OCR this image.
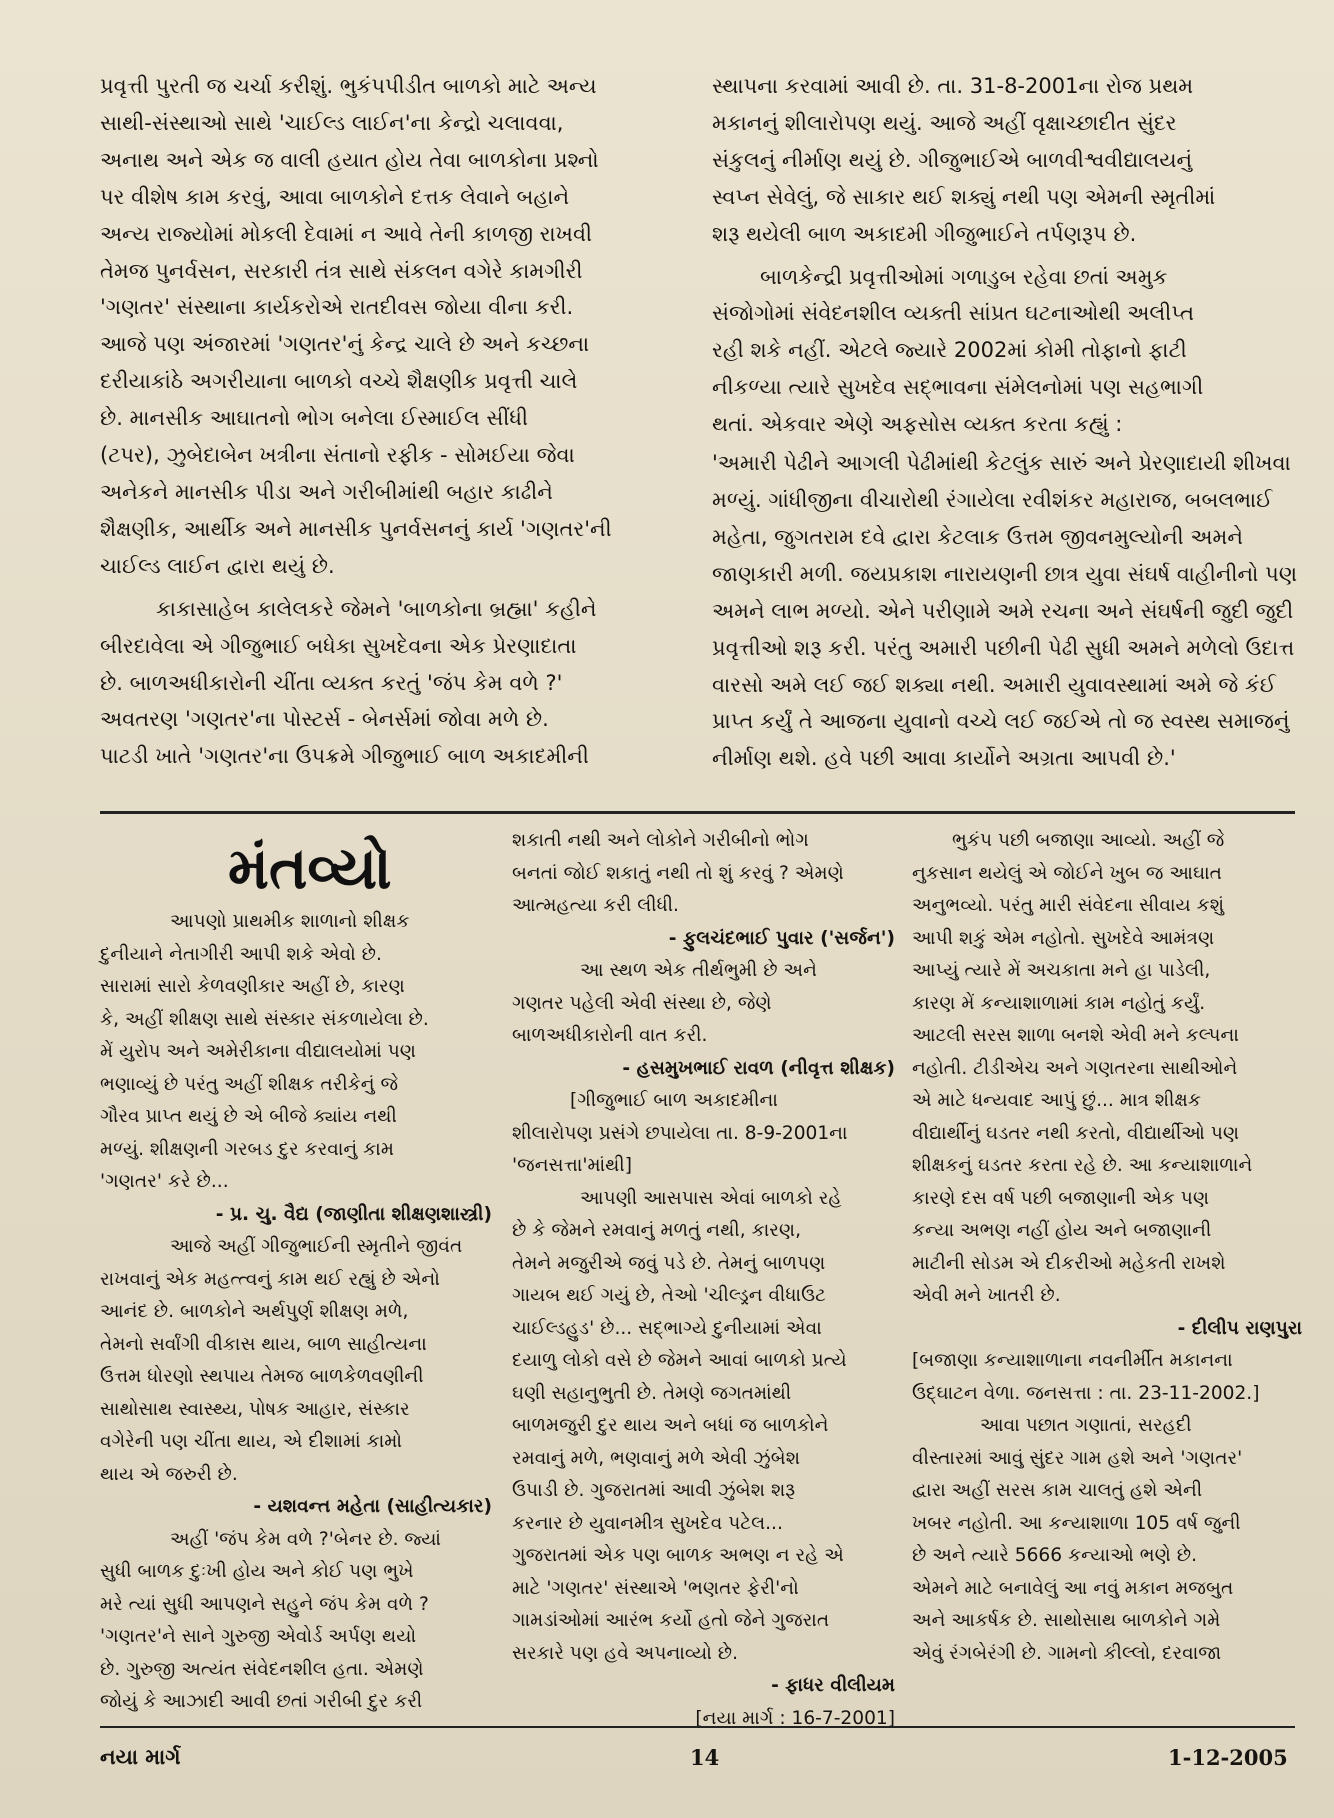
પ્રવૃત્તી પુરતી જ ચર્ચા કરીશું. ભુકંપપીડીત બાળકો માટે અન્ય
સાથી-સંસ્થાઓ સાથે 'ચાઈલ્ડ લાઈન'ના કેન્દ્રો ચલાવવા,
અનાથ અને એક જ વાલી હયાત હોય તેવા બાળકોના પ્રશ્નો
પર વીશેષ કામ કરવું, આવા બાળકોને દત્તક લેવાને બહાને
અન્ય રાજ્યોમાં મોકલી દેવામાં ન આવે તેની કાળજી રાખવી
તેમજ પુનર્વસન, સરકારી તંત્ર સાથે સંકલન વગેરે કામગીરી
'ગણતર' સંસ્થાના કાર્યકરોએ રાતદીવસ જોયા વીના કરી.
આજે પણ અંજારમાં 'ગણતર'નું કેન્દ્ર ચાલે છે અને કચ્છના
દરીયાકાંઠે અગરીયાના બાળકો વચ્ચે શૈક્ષણીક પ્રવૃત્તી ચાલે
છે. માનસીક આઘાતનો ભોગ બનેલા ઈસ્માઈલ સીંધી
(ટપર), ઝુબેદાબેન ખત્રીના સંતાનો રફીક - સોમઈયા જેવા
અનેકને માનસીક પીડા અને ગરીબીમાંથી બહાર કાઢીને
શૈક્ષણીક, આર્થીક અને માનસીક પુનર્વસનનું કાર્ય 'ગણતર'ની
ચાઈલ્ડ લાઈન દ્વારા થયું છે.

કાકાસાહેબ કાલેલકરે જેમને 'બાળકોના બ્રહ્મા' કહીને
બીરદાવેલા એ ગીજુભાઈ બધેકા સુખદેવના એક પ્રેરણાદાતા
છે. બાળઅધીકારોની ચીંતા વ્યક્ત કરતું 'જંપ કેમ વળે ?'
અવતરણ 'ગણતર'ના પોસ્ટર્સ - બેનર્સમાં જોવા મળે છે.
પાટડી ખાતે 'ગણતર'ના ઉપક્રમે ગીજુભાઈ બાળ અકાદમીની

સ્થાપના કરવામાં આવી છે. તા. 31-8-2001ના રોજ પ્રથમ
મકાનનું શીલારોપણ થયું. આજે અહીં વૃક્ષાચ્છાદીત સુંદર
સંકુલનું નીર્માણ થયું છે. ગીજુભાઈએ બાળવીશ્વવીદ્યાલયનું
સ્વપ્ન સેવેલું, જે સાકાર થઈ શક્યું નથી પણ એમની સ્મૃતીમાં
શરૂ થયેલી બાળ અકાદમી ગીજુભાઈને તર્પણરૂપ છે.

બાળકેન્દ્રી પ્રવૃત્તીઓમાં ગળાડુબ રહેવા છતાં અમુક
સંજોગોમાં સંવેદનશીલ વ્યક્તી સાંપ્રત ઘટનાઓથી અલીપ્ત
રહી શકે નહીં. એટલે જ્યારે 2002માં કોમી તોફાનો ફાટી
નીકળ્યા ત્યારે સુખદેવ સદ્‌ભાવના સંમેલનોમાં પણ સહભાગી
થતાં. એકવાર એણે અફસોસ વ્યક્ત કરતા કહ્યું :

'અમારી પેઢીને આગલી પેઢીમાંથી કેટલુંક સારું અને પ્રેરણાદાયી શીખવા
મળ્યું. ગાંધીજીના વીચારોથી રંગાયેલા રવીશંકર મહારાજ, બબલભાઈ
મહેતા, જુગતરામ દવે દ્વારા કેટલાક ઉત્તમ જીવનમુલ્યોની અમને
જાણકારી મળી. જયપ્રકાશ નારાયણની છાત્ર યુવા સંઘર્ષ વાહીનીનો પણ
અમને લાભ મળ્યો. એને પરીણામે અમે રચના અને સંઘર્ષની જુદી જુદી
પ્રવૃત્તીઓ શરૂ કરી. પરંતુ અમારી પછીની પેઢી સુધી અમને મળેલો ઉદાત્ત
વારસો અમે લઈ જઈ શક્યા નથી. અમારી યુવાવસ્થામાં અમે જે કંઈ
પ્રાપ્ત કર્યું તે આજના યુવાનો વચ્ચે લઈ જઈએ તો જ સ્વસ્થ સમાજનું
નીર્માણ થશે. હવે પછી આવા કાર્યોને અગ્રતા આપવી છે.'

મંતવ્યો

આપણો પ્રાથમીક શાળાનો શીક્ષક
દુનીયાને નેતાગીરી આપી શકે એવો છે.
સારામાં સારો કેળવણીકાર અહીં છે, કારણ
કે, અહીં શીક્ષણ સાથે સંસ્કાર સંકળાયેલા છે.
મેં યુરોપ અને અમેરીકાના વીદ્યાલયોમાં પણ
ભણાવ્યું છે પરંતુ અહીં શીક્ષક તરીકેનું જે
ગૌરવ પ્રાપ્ત થયું છે એ બીજે ક્યાંય નથી
મળ્યું. શીક્ષણની ગરબડ દુર કરવાનું કામ
'ગણતર' કરે છે...

- પ્ર. ચુ. વૈદ્ય (જાણીતા શીક્ષણશાસ્ત્રી)

આજે અહીં ગીજુભાઈની સ્મૃતીને જીવંત
રાખવાનું એક મહત્ત્વનું કામ થઈ રહ્યું છે એનો
આનંદ છે. બાળકોને અર્થપુર્ણ શીક્ષણ મળે,
તેમનો સર્વાંગી વીકાસ થાય, બાળ સાહીત્યના
ઉત્તમ ધોરણો સ્થપાય તેમજ બાળકેળવણીની
સાથોસાથ સ્વાસ્થ્ય, પોષક આહાર, સંસ્કાર
વગેરેની પણ ચીંતા થાય, એ દીશામાં કામો
થાય એ જરુરી છે.

- યશવન્ત મહેતા (સાહીત્યકાર)

અહીં 'જંપ કેમ વળે ?'બેનર છે. જ્યાં
સુધી બાળક દુઃખી હોય અને કોઈ પણ ભુખે
મરે ત્યાં સુધી આપણને સહુને જંપ કેમ વળે ?
'ગણતર'ને સાને ગુરુજી એવોર્ડ અર્પણ થયો
છે. ગુરુજી અત્યંત સંવેદનશીલ હતા. એમણે
જોયું કે આઝાદી આવી છતાં ગરીબી દુર કરી

શકાતી નથી અને લોકોને ગરીબીનો ભોગ
બનતાં જોઈ શકાતું નથી તો શું કરવું ? એમણે
આત્મહત્યા કરી લીધી.

- ફુલચંદભાઈ પુવાર ('સર્જન')

આ સ્થળ એક તીર્થભુમી છે અને
ગણતર પહેલી એવી સંસ્થા છે, જેણે
બાળઅધીકારોની વાત કરી.

- હસમુખભાઈ રાવળ (નીવૃત્ત શીક્ષક)

[ગીજુભાઈ બાળ અકાદમીના
શીલારોપણ પ્રસંગે છપાયેલા તા. 8-9-2001ના
'જનસત્તા'માંથી]

આપણી આસપાસ એવાં બાળકો રહે
છે કે જેમને રમવાનું મળતું નથી, કારણ,
તેમને મજુરીએ જવું પડે છે. તેમનું બાળપણ
ગાયબ થઈ ગયું છે, તેઓ 'ચીલ્ડ્રન વીધાઉટ
ચાઈલ્ડહુડ' છે... સદ્‌ભાગ્યે દુનીયામાં એવા
દયાળુ લોકો વસે છે જેમને આવાં બાળકો પ્રત્યે
ઘણી સહાનુભુતી છે. તેમણે જગતમાંથી
બાળમજુરી દુર થાય અને બધાં જ બાળકોને
રમવાનું મળે, ભણવાનું મળે એવી ઝુંબેશ
ઉપાડી છે. ગુજરાતમાં આવી ઝુંબેશ શરૂ
કરનાર છે યુવાનમીત્ર સુખદેવ પટેલ...
ગુજરાતમાં એક પણ બાળક અભણ ન રહે એ
માટે 'ગણતર' સંસ્થાએ 'ભણતર ફેરી'નો
ગામડાંઓમાં આરંભ કર્યો હતો જેને ગુજરાત
સરકારે પણ હવે અપનાવ્યો છે.

- ફાધર વીલીયમ

[નયા માર્ગ : 16-7-2001]

ભુકંપ પછી બજાણા આવ્યો. અહીં જે
નુકસાન થયેલું એ જોઈને ખુબ જ આઘાત
અનુભવ્યો. પરંતુ મારી સંવેદના સીવાય કશું
આપી શકું એમ નહોતો. સુખદેવે આમંત્રણ
આપ્યું ત્યારે મેં અચકાતા મને હા પાડેલી,
કારણ મેં કન્યાશાળામાં કામ નહોતું કર્યું.
આટલી સરસ શાળા બનશે એવી મને કલ્પના
નહોતી. ટીડીએચ અને ગણતરના સાથીઓને
એ માટે ધન્યવાદ આપું છું... માત્ર શીક્ષક
વીદ્યાર્થીનું ઘડતર નથી કરતો, વીદ્યાર્થીઓ પણ
શીક્ષકનું ઘડતર કરતા રહે છે. આ કન્યાશાળાને
કારણે દસ વર્ષ પછી બજાણાની એક પણ
કન્યા અભણ નહીં હોય અને બજાણાની
માટીની સોડમ એ દીકરીઓ મહેકતી રાખશે
એવી મને ખાતરી છે.

- દીલીપ રાણપુરા

[બજાણા કન્યાશાળાના નવનીર્મીત મકાનના
ઉદ્ઘાટન વેળા. જનસત્તા : તા. 23-11-2002.]

આવા પછાત ગણાતાં, સરહદી
વીસ્તારમાં આવું સુંદર ગામ હશે અને 'ગણતર'
દ્વારા અહીં સરસ કામ ચાલતું હશે એની
ખબર નહોતી. આ કન્યાશાળા 105 વર્ષ જુની
છે અને ત્યારે 5666 કન્યાઓ ભણે છે.
એમને માટે બનાવેલું આ નવું મકાન મજબુત
અને આકર્ષક છે. સાથોસાથ બાળકોને ગમે
એવું રંગબેરંગી છે. ગામનો કીલ્લો, દરવાજા

નયા માર્ગ	14	1-12-2005
